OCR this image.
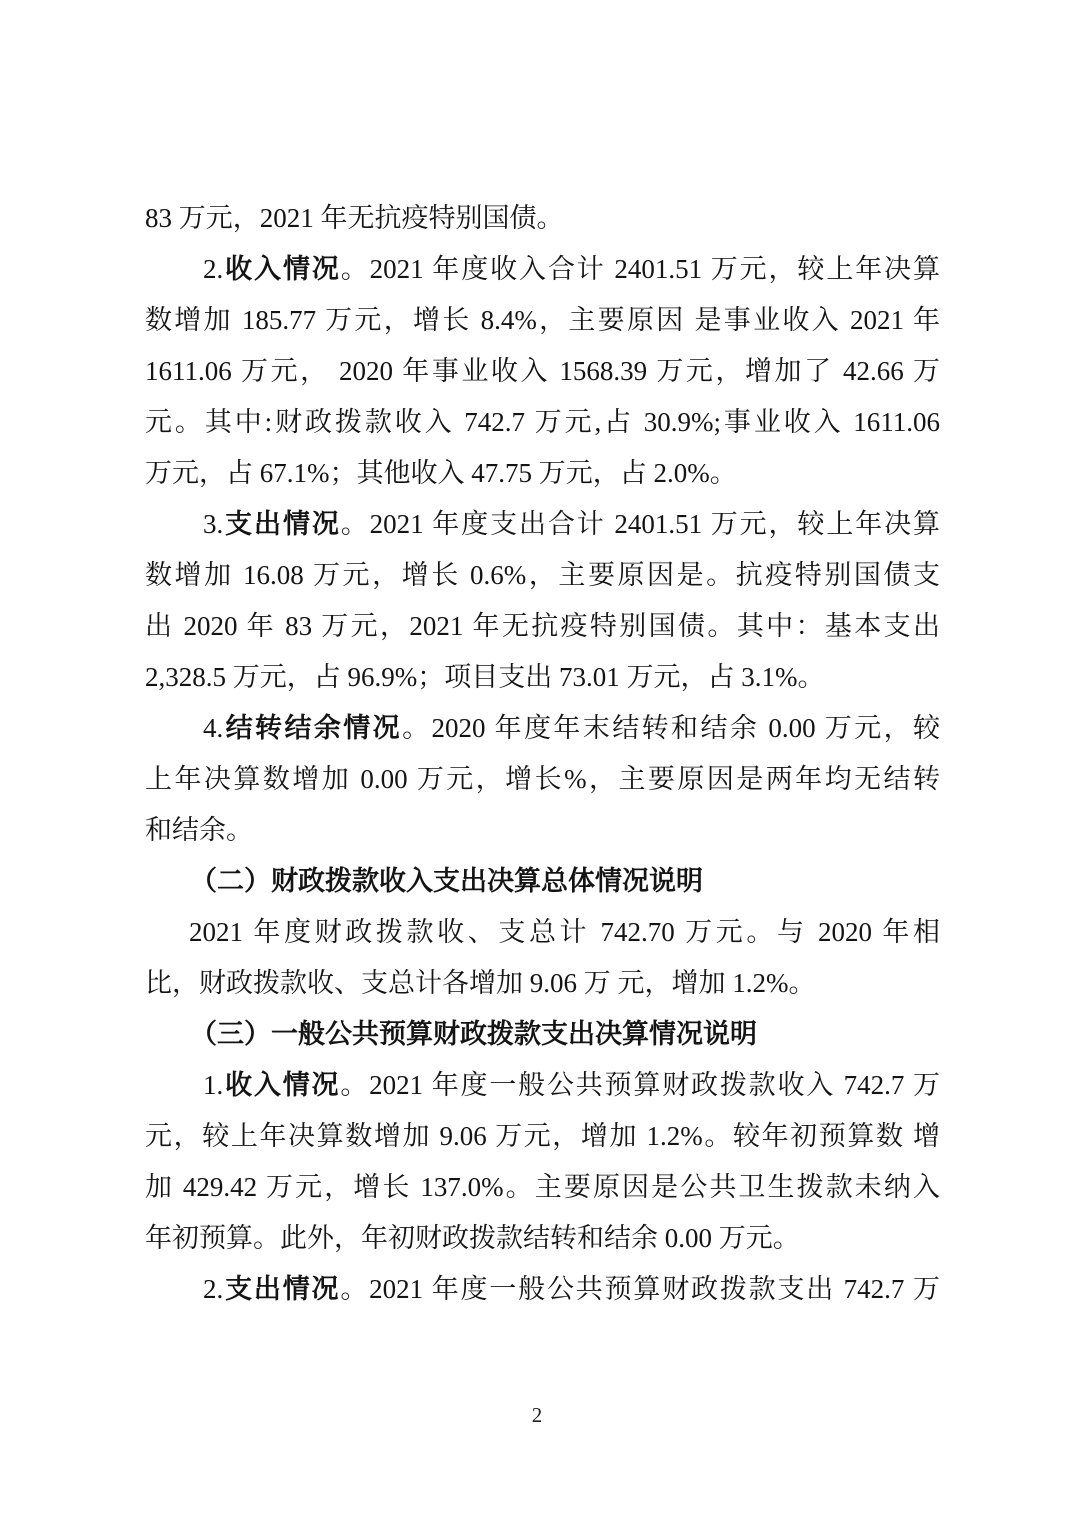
83 万元，2021 年无抗疫特别国债。
2.收入情况。2021 年度收入合计 2401.51 万元，较上年决算
数增加 185.77 万元，增长 8.4%，主要原因 是事业收入 2021 年
1611.06 万元， 2020 年事业收入 1568.39 万元，增加了 42.66 万
元。其中:财政拨款收入 742.7 万元,占 30.9%;事业收入 1611.06
万元，占 67.1%；其他收入 47.75 万元，占 2.0%。
3.支出情况。2021 年度支出合计 2401.51 万元，较上年决算
数增加 16.08 万元，增长 0.6%，主要原因是。抗疫特别国债支
出 2020 年 83 万元，2021 年无抗疫特别国债。其中：基本支出
2,328.5 万元，占 96.9%；项目支出 73.01 万元，占 3.1%。
4.结转结余情况。2020 年度年末结转和结余 0.00 万元，较
上年决算数增加 0.00 万元，增长%，主要原因是两年均无结转
和结余。
（二）财政拨款收入支出决算总体情况说明
2021 年度财政拨款收、支总计 742.70 万元。与 2020 年相
比，财政拨款收、支总计各增加 9.06 万 元，增加 1.2%。
（三）一般公共预算财政拨款支出决算情况说明
1.收入情况。2021 年度一般公共预算财政拨款收入 742.7 万
元，较上年决算数增加 9.06 万元，增加 1.2%。较年初预算数 增
加 429.42 万元，增长 137.0%。主要原因是公共卫生拨款未纳入
年初预算。此外，年初财政拨款结转和结余 0.00 万元。
2.支出情况。2021 年度一般公共预算财政拨款支出 742.7 万
2
